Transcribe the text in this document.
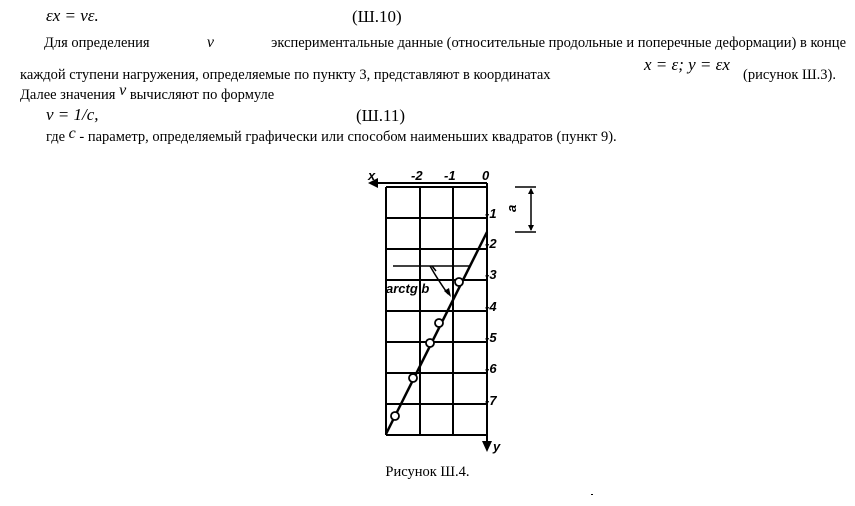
εx = νε.	(Ш.10)
Для определения	ν	экспериментальные данные (относительные продольные и поперечные деформации) в конце
каждой ступени нагружения, определяемые по пункту 3, представляют в координатах
x = ε; y = εx
(рисунок Ш.3).
Далее значения ν вычисляют по формуле
ν = 1/c,	(Ш.11)
где c - параметр, определяемый графически или способом наименьших квадратов (пункт 9).
x	-2 -1 0
y
-1
-2
-3
-4
-5
-6
-7
a
arctg b
Рисунок Ш.4.
